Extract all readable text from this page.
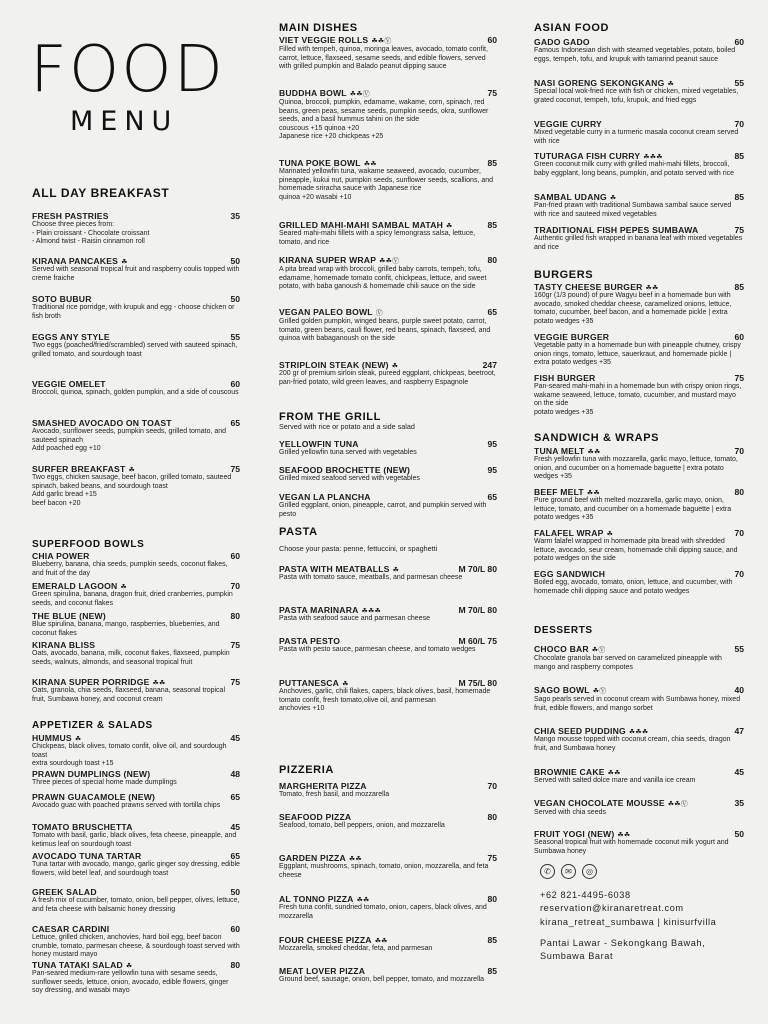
FOOD
MENU
ALL DAY BREAKFAST
FRESH PASTRIES	35
Choose three pieces from:
- Plain croissant - Chocolate croissant
- Almond twist - Raisin cinnamon roll
KIRANA PANCAKES ☘	50
Served with seasonal tropical fruit and raspberry coulis topped with creme fraiche
SOTO BUBUR	50
Traditional rice porridge, with krupuk and egg - choose chicken or fish broth
EGGS ANY STYLE	55
Two eggs (poached/fried/scrambled) served with sauteed spinach, grilled tomato, and sourdough toast
VEGGIE OMELET	60
Broccoli, quinoa, spinach, golden pumpkin, and a side of couscous
SMASHED AVOCADO ON TOAST	65
Avocado, sunflower seeds, pumpkin seeds, grilled tomato, and sauteed spinach
Add poached egg +10
SURFER BREAKFAST ☘	75
Two eggs, chicken sausage, beef bacon, grilled tomato, sauteed spinach, baked beans, and sourdough toast
Add garlic bread +15
beef bacon +20
SUPERFOOD BOWLS
CHIA POWER	60
Blueberry, banana, chia seeds, pumpkin seeds, coconut flakes, and fruit of the day
EMERALD LAGOON ☘	70
Green spirulina, banana, dragon fruit, dried cranberries, pumpkin seeds, and coconut flakes
THE BLUE (NEW)	80
Blue spirulina, banana, mango, raspberries, blueberries, and coconut flakes
KIRANA BLISS	75
Oats, avocado, banana, milk, coconut flakes, flaxseed, pumpkin seeds, walnuts, almonds, and seasonal tropical fruit
KIRANA SUPER PORRIDGE ☘☘	75
Oats, granola, chia seeds, flaxseed, banana, seasonal tropical fruit, Sumbawa honey, and coconut cream
APPETIZER & SALADS
HUMMUS ☘	45
Chickpeas, black olives, tomato confit, olive oil, and sourdough toast
extra sourdough toast +15
PRAWN DUMPLINGS (NEW)	48
Three pieces of special home made dumplings
PRAWN GUACAMOLE (NEW)	65
Avocado guac with poached prawns served with tortilla chips
TOMATO BRUSCHETTA	45
Tomato with basil, garlic, black olives, feta cheese, pineapple, and ketimus leaf on sourdough toast
AVOCADO TUNA TARTAR	65
Tuna tartar with avocado, mango, garlic ginger soy dressing, edible flowers, wild betel leaf, and sourdough toast
GREEK SALAD	50
A fresh mix of cucumber, tomato, onion, bell pepper, olives, lettuce, and feta cheese with balsamic honey dressing
CAESAR CARDINI	60
Lettuce, grilled chicken, anchovies, hard boil egg, beef bacon crumble, tomato, parmesan cheese, & sourdough toast served with honey mustard mayo
TUNA TATAKI SALAD ☘	80
Pan-seared medium-rare yellowfin tuna with sesame seeds, sunflower seeds, lettuce, onion, avocado, edible flowers, ginger soy dressing, and wasabi mayo
MAIN DISHES
VIET VEGGIE ROLLS ☘☘Ⓥ	60
Filled with tempeh, quinoa, moringa leaves, avocado, tomato confit, carrot, lettuce, flaxseed, sesame seeds, and edible flowers, served with grilled pumpkin and Balado peanut dipping sauce
BUDDHA BOWL ☘☘Ⓥ	75
Quinoa, broccoli, pumpkin, edamame, wakame, corn, spinach, red beans, green peas, sesame seeds, pumpkin seeds, okra, sunflower seeds, and a basil hummus tahini on the side
couscous +15 quinoa +20
Japanese rice +20 chickpeas +25
TUNA POKE BOWL ☘☘	85
Marinated yellowfin tuna, wakame seaweed, avocado, cucumber, pineapple, kukui nut, pumpkin seeds, sunflower seeds, scallions, and homemade sriracha sauce with Japanese rice
quinoa +20 wasabi +10
GRILLED MAHI-MAHI SAMBAL MATAH ☘	85
Seared mahi-mahi fillets with a spicy lemongrass salsa, lettuce, tomato, and rice
KIRANA SUPER WRAP ☘☘Ⓥ	80
A pita bread wrap with broccoli, grilled baby carrots, tempeh, tofu, edamame, homemade tomato confit, chickpeas, lettuce, and sweet potato, with baba ganoush & homemade chili sauce on the side
VEGAN PALEO BOWL Ⓥ	65
Grilled golden pumpkin, winged beans, purple sweet potato, carrot, tomato, green beans, cauli flower, red beans, spinach, flaxseed, and quinoa with babaganoush on the side
STRIPLOIN STEAK (NEW) ☘	247
200 gr of premium sirloin steak, pureed eggplant, chickpeas, beetroot, pan-fried potato, wild green leaves, and raspberry Espagnole
FROM THE GRILL
Served with rice or potato and a side salad
YELLOWFIN TUNA	95
Grilled yellowfin tuna served with vegetables
SEAFOOD BROCHETTE (NEW)	95
Grilled mixed seafood served with vegetables
VEGAN LA PLANCHA	65
Grilled eggplant, onion, pineapple, carrot, and pumpkin served with pesto
PASTA
Choose your pasta: penne, fettuccini, or spaghetti
PASTA WITH MEATBALLS ☘	M 70/L 80
Pasta with tomato sauce, meatballs, and parmesan cheese
PASTA MARINARA ☘☘☘	M 70/L 80
Pasta with seafood sauce and parmesan cheese
PASTA PESTO	M 60/L 75
Pasta with pesto sauce, parmesan cheese, and tomato wedges
PUTTANESCA ☘	M 75/L 80
Anchovies, garlic, chili flakes, capers, black olives, basil, homemade tomato confit, fresh tomato,olive oil, and parmesan
anchovies +10
PIZZERIA
MARGHERITA PIZZA	70
Tomato, fresh basil, and mozzarella
SEAFOOD PIZZA	80
Seafood, tomato, bell peppers, onion, and mozzarella
GARDEN PIZZA ☘☘	75
Eggplant, mushrooms, spinach, tomato, onion, mozzarella, and feta cheese
AL TONNO PIZZA ☘☘	80
Fresh tuna confit, sundried tomato, onion, capers, black olives, and mozzarella
FOUR CHEESE PIZZA ☘☘	85
Mozzarella, smoked cheddar, feta, and parmesan
MEAT LOVER PIZZA	85
Ground beef, sausage, onion, bell pepper, tomato, and mozzarella
ASIAN FOOD
GADO GADO	60
Famous Indonesian dish with steamed vegetables, potato, boiled eggs, tempeh, tofu, and krupuk with tamarind peanut sauce
NASI GORENG SEKONGKANG ☘	55
Special local wok-fried rice with fish or chicken, mixed vegetables, grated coconut, tempeh, tofu, krupuk, and fried eggs
VEGGIE CURRY	70
Mixed vegetable curry in a turmeric masala coconut cream served with rice
TUTURAGA FISH CURRY ☘☘☘	85
Green coconut milk curry with grilled mahi-mahi fillets, broccoli, baby eggplant, long beans, pumpkin, and potato served with rice
SAMBAL UDANG ☘	85
Pan-fried prawn with traditional Sumbawa sambal sauce served with rice and sauteed mixed vegetables
TRADITIONAL FISH PEPES SUMBAWA	75
Authentic grilled fish wrapped in banana leaf with mixed vegetables and rice
BURGERS
TASTY CHEESE BURGER ☘☘	85
160gr (1/3 pound) of pure Wagyu beef in a homemade bun with avocado, smoked cheddar cheese, caramelized onions, lettuce, tomato, cucumber, beef bacon, and a homemade pickle | extra potato wedges +35
VEGGIE BURGER	60
Vegetable patty in a homemade bun with pineapple chutney, crispy onion rings, tomato, lettuce, sauerkraut, and homemade pickle | extra potato wedges +35
FISH BURGER	75
Pan-seared mahi-mahi in a homemade bun with crispy onion rings, wakame seaweed, lettuce, tomato, cucumber, and mustard mayo on the side
potato wedges +35
SANDWICH & WRAPS
TUNA MELT ☘☘	70
Fresh yellowfin tuna with mozzarella, garlic mayo, lettuce, tomato, onion, and cucumber on a homemade baguette | extra potato wedges +35
BEEF MELT ☘☘	80
Pure ground beef with melted mozzarella, garlic mayo, onion, lettuce, tomato, and cucumber on a homemade baguette | extra potato wedges +35
FALAFEL WRAP ☘	70
Warm falafel wrapped in homemade pita bread with shredded lettuce, avocado, seur cream, homemade chili dipping sauce, and potato wedges on the side
EGG SANDWICH	70
Boiled egg, avocado, tomato, onion, lettuce, and cucumber, with homemade chili dipping sauce and potato wedges
DESSERTS
CHOCO BAR ☘Ⓥ	55
Chocolate granola bar served on caramelized pineapple with mango and raspberry compotes
SAGO BOWL ☘Ⓥ	40
Sago pearls served in coconut cream with Sumbawa honey, mixed fruit, edible flowers, and mango sorbet
CHIA SEED PUDDING ☘☘☘	47
Mango mousse topped with coconut cream, chia seeds, dragon fruit, and Sumbawa honey
BROWNIE CAKE ☘☘	45
Served with salted dolce mare and vanilla ice cream
VEGAN CHOCOLATE MOUSSE ☘☘Ⓥ	35
Served with chia seeds
FRUIT YOGI (NEW) ☘☘	50
Seasonal tropical fruit with homemade coconut milk yogurt and Sumbawa honey
✆	✉	◎
+62 821-4495-6038
reservation@kiranaretreat.com
kirana_retreat_sumbawa | kinisurfvilla
Pantai Lawar - Sekongkang Bawah,
Sumbawa Barat
